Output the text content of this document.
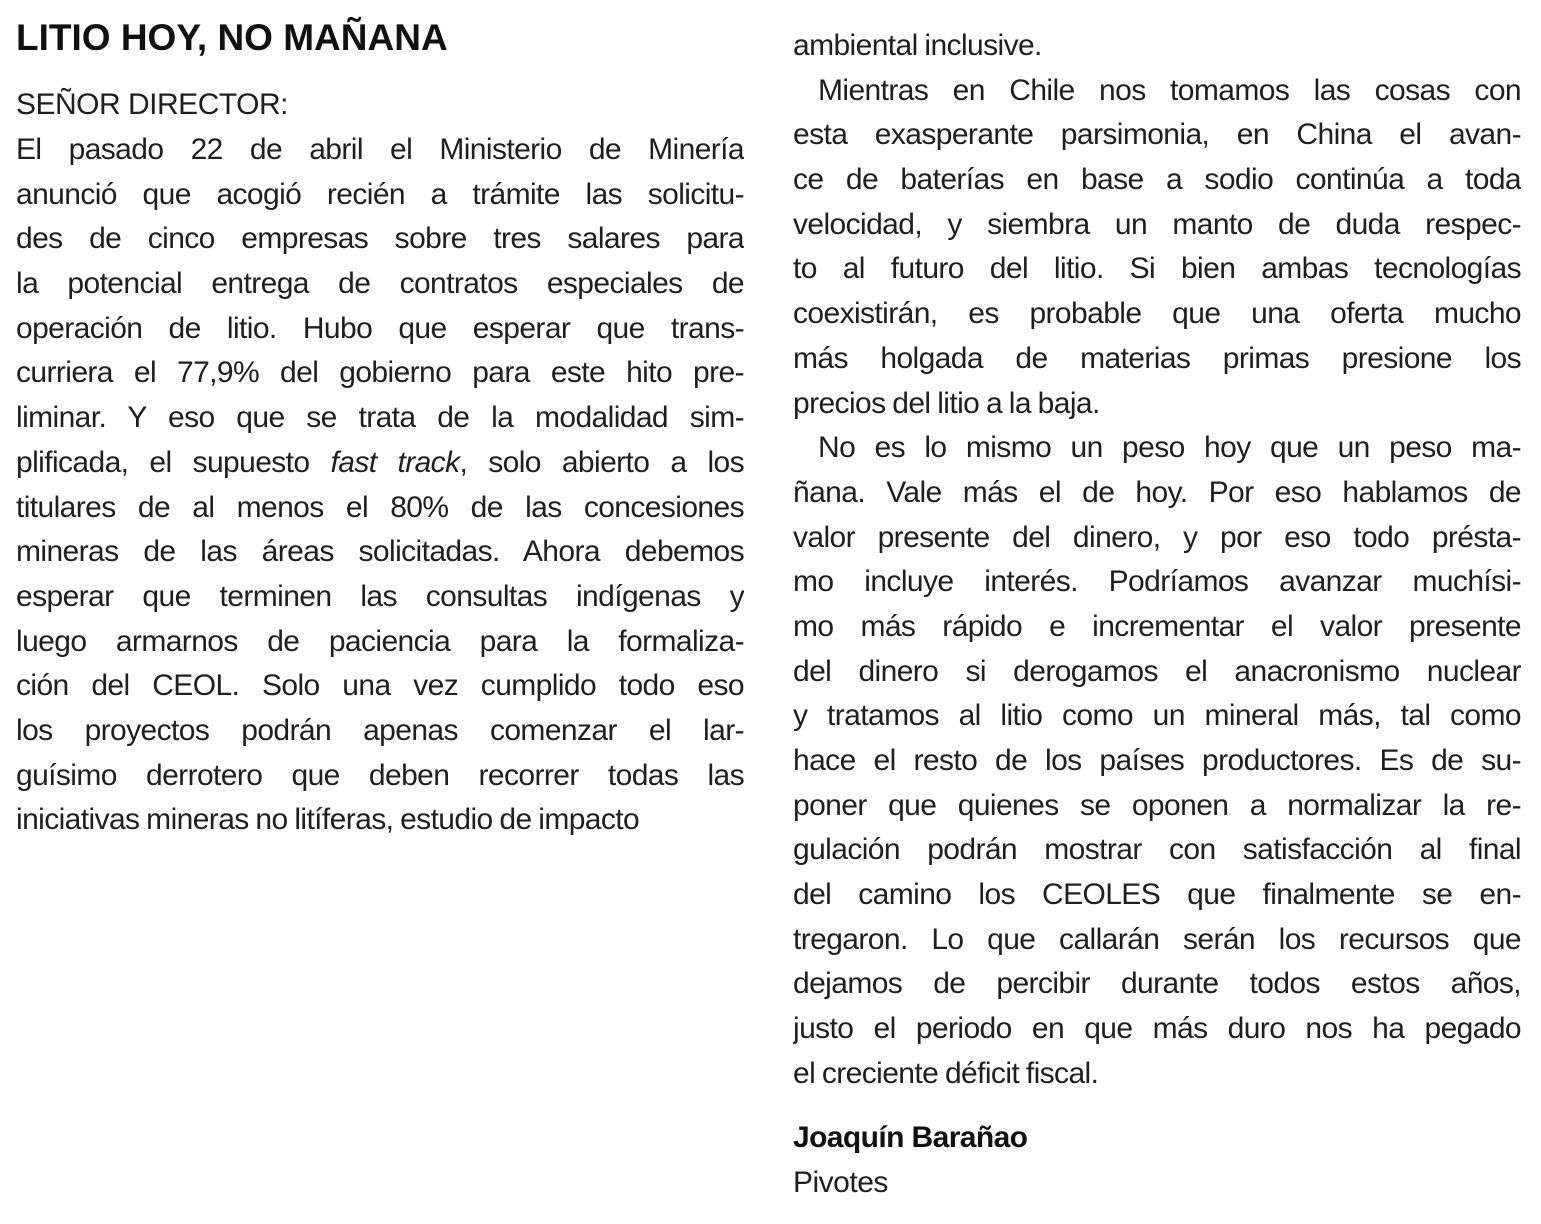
LITIO HOY, NO MAÑANA

SEÑOR DIRECTOR:

El pasado 22 de abril el Ministerio de Minería
anunció que acogió recién a trámite las solicitu-
des de cinco empresas sobre tres salares para
la potencial entrega de contratos especiales de
operación de litio. Hubo que esperar que trans-
curriera el 77,9% del gobierno para este hito pre-
liminar. Y eso que se trata de la modalidad sim-
plificada, el supuesto fast track, solo abierto a los
titulares de al menos el 80% de las concesiones
mineras de las áreas solicitadas. Ahora debemos
esperar que terminen las consultas indígenas y
luego armarnos de paciencia para la formaliza-
ción del CEOL. Solo una vez cumplido todo eso
los proyectos podrán apenas comenzar el lar-
guísimo derrotero que deben recorrer todas las
iniciativas mineras no litíferas, estudio de impacto
ambiental inclusive.
Mientras en Chile nos tomamos las cosas con
esta exasperante parsimonia, en China el avan-
ce de baterías en base a sodio continúa a toda
velocidad, y siembra un manto de duda respec-
to al futuro del litio. Si bien ambas tecnologías
coexistirán, es probable que una oferta mucho
más holgada de materias primas presione los
precios del litio a la baja.
No es lo mismo un peso hoy que un peso ma-
ñana. Vale más el de hoy. Por eso hablamos de
valor presente del dinero, y por eso todo présta-
mo incluye interés. Podríamos avanzar muchísi-
mo más rápido e incrementar el valor presente
del dinero si derogamos el anacronismo nuclear
y tratamos al litio como un mineral más, tal como
hace el resto de los países productores. Es de su-
poner que quienes se oponen a normalizar la re-
gulación podrán mostrar con satisfacción al final
del camino los CEOLES que finalmente se en-
tregaron. Lo que callarán serán los recursos que
dejamos de percibir durante todos estos años,
justo el periodo en que más duro nos ha pegado
el creciente déficit fiscal.

Joaquín Barañao

Pivotes
